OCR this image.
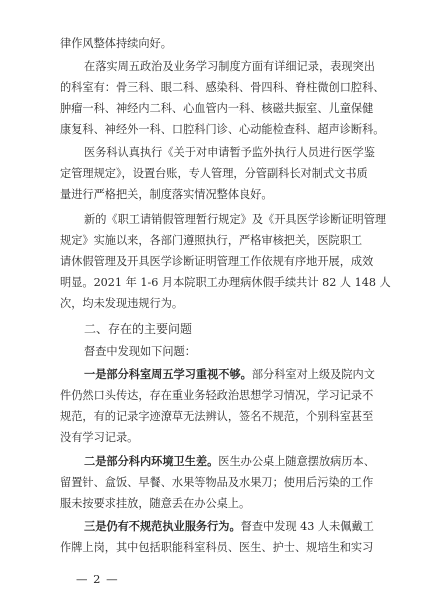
律作风整体持续向好。
在落实周五政治及业务学习制度方面有详细记录，表现突出
的科室有：骨三科、眼二科、感染科、骨四科、脊柱微创口腔科、
肿瘤一科、神经内二科、心血管内一科、核磁共振室、儿童保健
康复科、神经外一科、口腔科门诊、心动能检查科、超声诊断科。
医务科认真执行《关于对申请暂予监外执行人员进行医学鉴
定管理规定》，设置台账，专人管理，分管副科长对制式文书质
量进行严格把关，制度落实情况整体良好。
新的《职工请销假管理暂行规定》及《开具医学诊断证明管理
规定》实施以来，各部门遵照执行，严格审核把关，医院职工
请休假管理及开具医学诊断证明管理工作依规有序地开展，成效
明显。2021 年 1-6 月本院职工办理病休假手续共计 82 人 148 人
次，均未发现违规行为。
二、存在的主要问题
督查中发现如下问题：
一是部分科室周五学习重视不够。部分科室对上级及院内文
件仍然口头传达，存在重业务轻政治思想学习情况，学习记录不
规范，有的记录字迹潦草无法辨认，签名不规范，个别科室甚至
没有学习记录。
二是部分科内环境卫生差。医生办公桌上随意摆放病历本、
留置针、盒饭、早餐、水果等物品及水果刀；使用后污染的工作
服未按要求挂放，随意丢在办公桌上。
三是仍有不规范执业服务行为。督查中发现 43 人未佩戴工
作牌上岗，其中包括职能科室科员、医生、护士、规培生和实习
— 2 —
